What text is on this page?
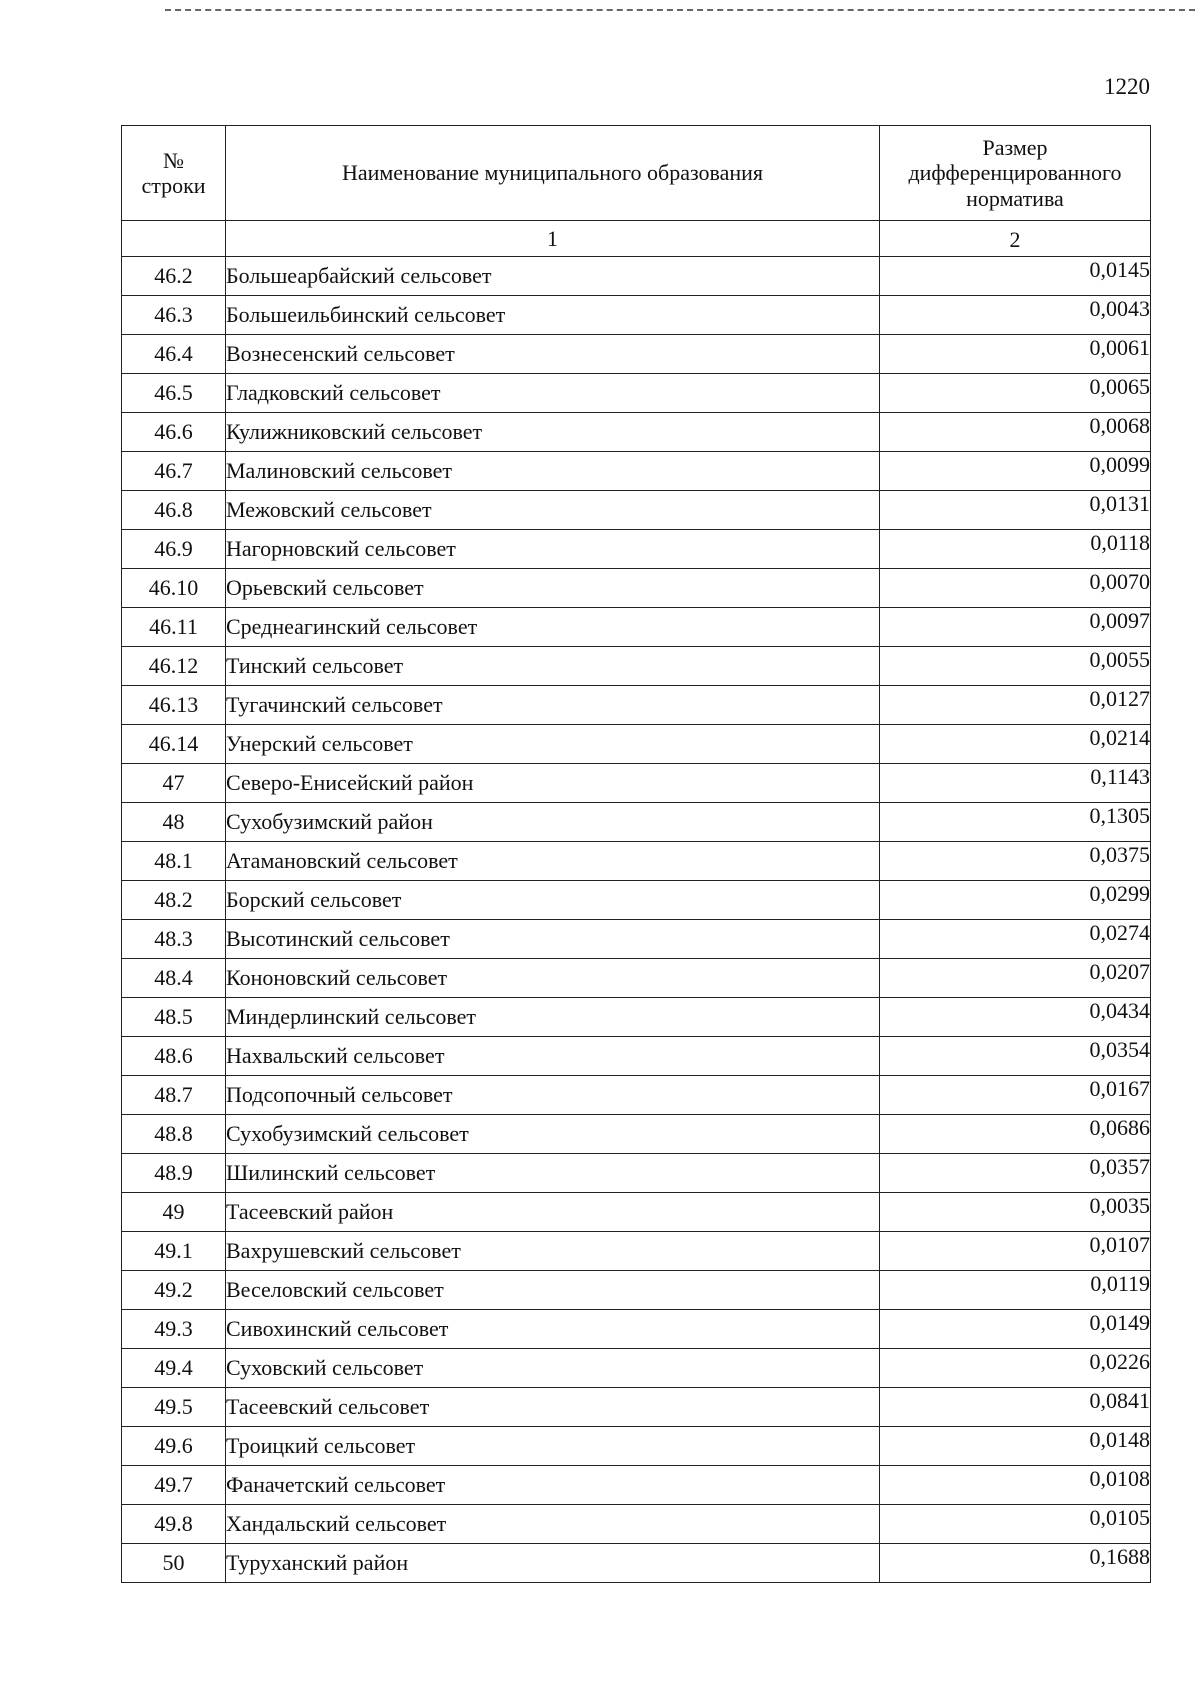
1220
№
строки	Наименование муниципального образования	Размер
дифференцированного
норматива
	1	2
46.2	Большеарбайский сельсовет	0,0145
46.3	Большеильбинский сельсовет	0,0043
46.4	Вознесенский сельсовет	0,0061
46.5	Гладковский сельсовет	0,0065
46.6	Кулижниковский сельсовет	0,0068
46.7	Малиновский сельсовет	0,0099
46.8	Межовский сельсовет	0,0131
46.9	Нагорновский сельсовет	0,0118
46.10	Орьевский сельсовет	0,0070
46.11	Среднеагинский сельсовет	0,0097
46.12	Тинский сельсовет	0,0055
46.13	Тугачинский сельсовет	0,0127
46.14	Унерский сельсовет	0,0214
47	Северо-Енисейский район	0,1143
48	Сухобузимский район	0,1305
48.1	Атамановский сельсовет	0,0375
48.2	Борский сельсовет	0,0299
48.3	Высотинский сельсовет	0,0274
48.4	Кононовский сельсовет	0,0207
48.5	Миндерлинский сельсовет	0,0434
48.6	Нахвальский сельсовет	0,0354
48.7	Подсопочный сельсовет	0,0167
48.8	Сухобузимский сельсовет	0,0686
48.9	Шилинский сельсовет	0,0357
49	Тасеевский район	0,0035
49.1	Вахрушевский сельсовет	0,0107
49.2	Веселовский сельсовет	0,0119
49.3	Сивохинский сельсовет	0,0149
49.4	Суховский сельсовет	0,0226
49.5	Тасеевский сельсовет	0,0841
49.6	Троицкий сельсовет	0,0148
49.7	Фаначетский сельсовет	0,0108
49.8	Хандальский сельсовет	0,0105
50	Туруханский район	0,1688
